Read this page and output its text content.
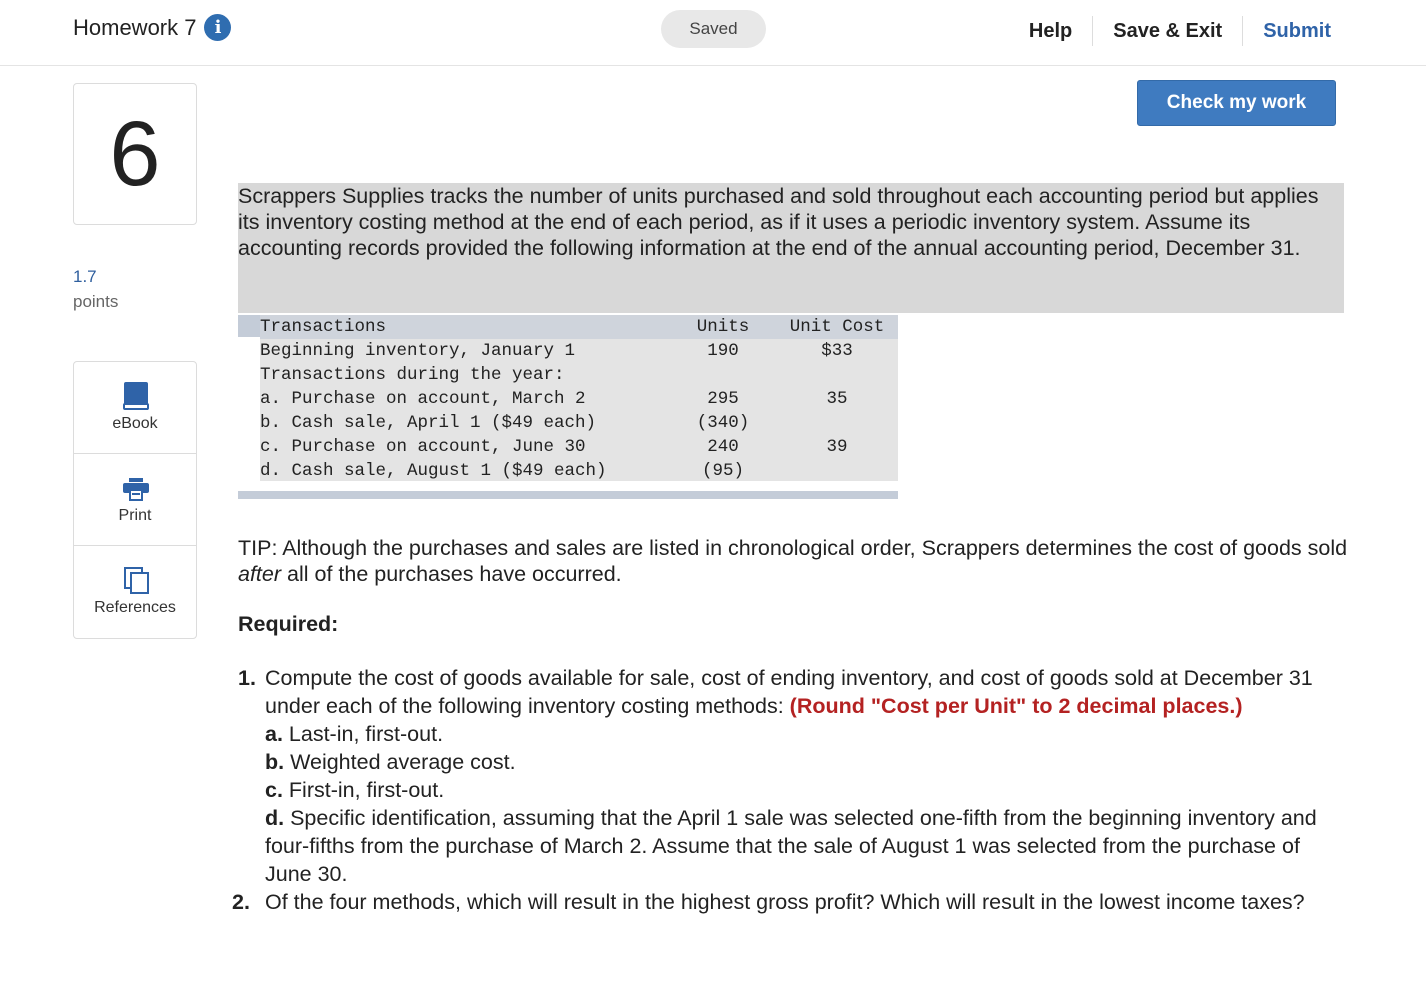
Homework 7	i	Saved	Help	Save & Exit	Submit
6
1.7
points
eBook
Print
References
Check my work

Scrappers Supplies tracks the number of units purchased and sold throughout each accounting period but applies its inventory costing method at the end of each period, as if it uses a periodic inventory system. Assume its accounting records provided the following information at the end of the annual accounting period, December 31.

Transactions	Units	Unit Cost
Beginning inventory, January 1	190	$33
Transactions during the year:		
a. Purchase on account, March 2	295	35
b. Cash sale, April 1 ($49 each)	(340)	
c. Purchase on account, June 30	240	39
d. Cash sale, August 1 ($49 each)	(95)	

TIP: Although the purchases and sales are listed in chronological order, Scrappers determines the cost of goods sold after all of the purchases have occurred.

Required:
1. Compute the cost of goods available for sale, cost of ending inventory, and cost of goods sold at December 31 under each of the following inventory costing methods: (Round "Cost per Unit" to 2 decimal places.)
a. Last-in, first-out.
b. Weighted average cost.
c. First-in, first-out.
d. Specific identification, assuming that the April 1 sale was selected one-fifth from the beginning inventory and four-fifths from the purchase of March 2. Assume that the sale of August 1 was selected from the purchase of June 30.
2. Of the four methods, which will result in the highest gross profit? Which will result in the lowest income taxes?
